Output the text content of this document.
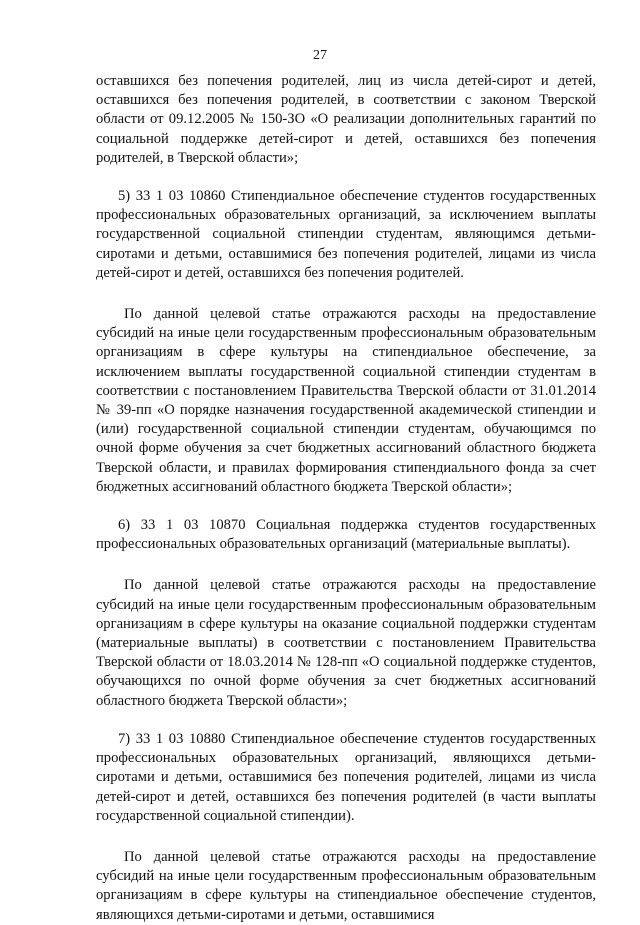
27

оставшихся без попечения родителей, лиц из числа детей-сирот и детей, оставшихся без попечения родителей, в соответствии с законом Тверской области от 09.12.2005 № 150-ЗО «О реализации дополнительных гарантий по социальной поддержке детей-сирот и детей, оставшихся без попечения родителей, в Тверской области»;

5) 33 1 03 10860 Стипендиальное обеспечение студентов государственных профессиональных образовательных организаций, за исключением выплаты государственной социальной стипендии студентам, являющимся детьми-сиротами и детьми, оставшимися без попечения родителей, лицами из числа детей-сирот и детей, оставшихся без попечения родителей.

По данной целевой статье отражаются расходы на предоставление субсидий на иные цели государственным профессиональным образовательным организациям в сфере культуры на стипендиальное обеспечение, за исключением выплаты государственной социальной стипендии студентам в соответствии с постановлением Правительства Тверской области от 31.01.2014 № 39-пп «О порядке назначения государственной академической стипендии и (или) государственной социальной стипендии студентам, обучающимся по очной форме обучения за счет бюджетных ассигнований областного бюджета Тверской области, и правилах формирования стипендиального фонда за счет бюджетных ассигнований областного бюджета Тверской области»;

6) 33 1 03 10870 Социальная поддержка студентов государственных профессиональных образовательных организаций (материальные выплаты).

По данной целевой статье отражаются расходы на предоставление субсидий на иные цели государственным профессиональным образовательным организациям в сфере культуры на оказание социальной поддержки студентам (материальные выплаты) в соответствии с постановлением Правительства Тверской области от 18.03.2014 № 128-пп «О социальной поддержке студентов, обучающихся по очной форме обучения за счет бюджетных ассигнований областного бюджета Тверской области»;

7) 33 1 03 10880 Стипендиальное обеспечение студентов государственных профессиональных образовательных организаций, являющихся детьми-сиротами и детьми, оставшимися без попечения родителей, лицами из числа детей-сирот и детей, оставшихся без попечения родителей (в части выплаты государственной социальной стипендии).

По данной целевой статье отражаются расходы на предоставление субсидий на иные цели государственным профессиональным образовательным организациям в сфере культуры на стипендиальное обеспечение студентов, являющихся детьми-сиротами и детьми, оставшимися
